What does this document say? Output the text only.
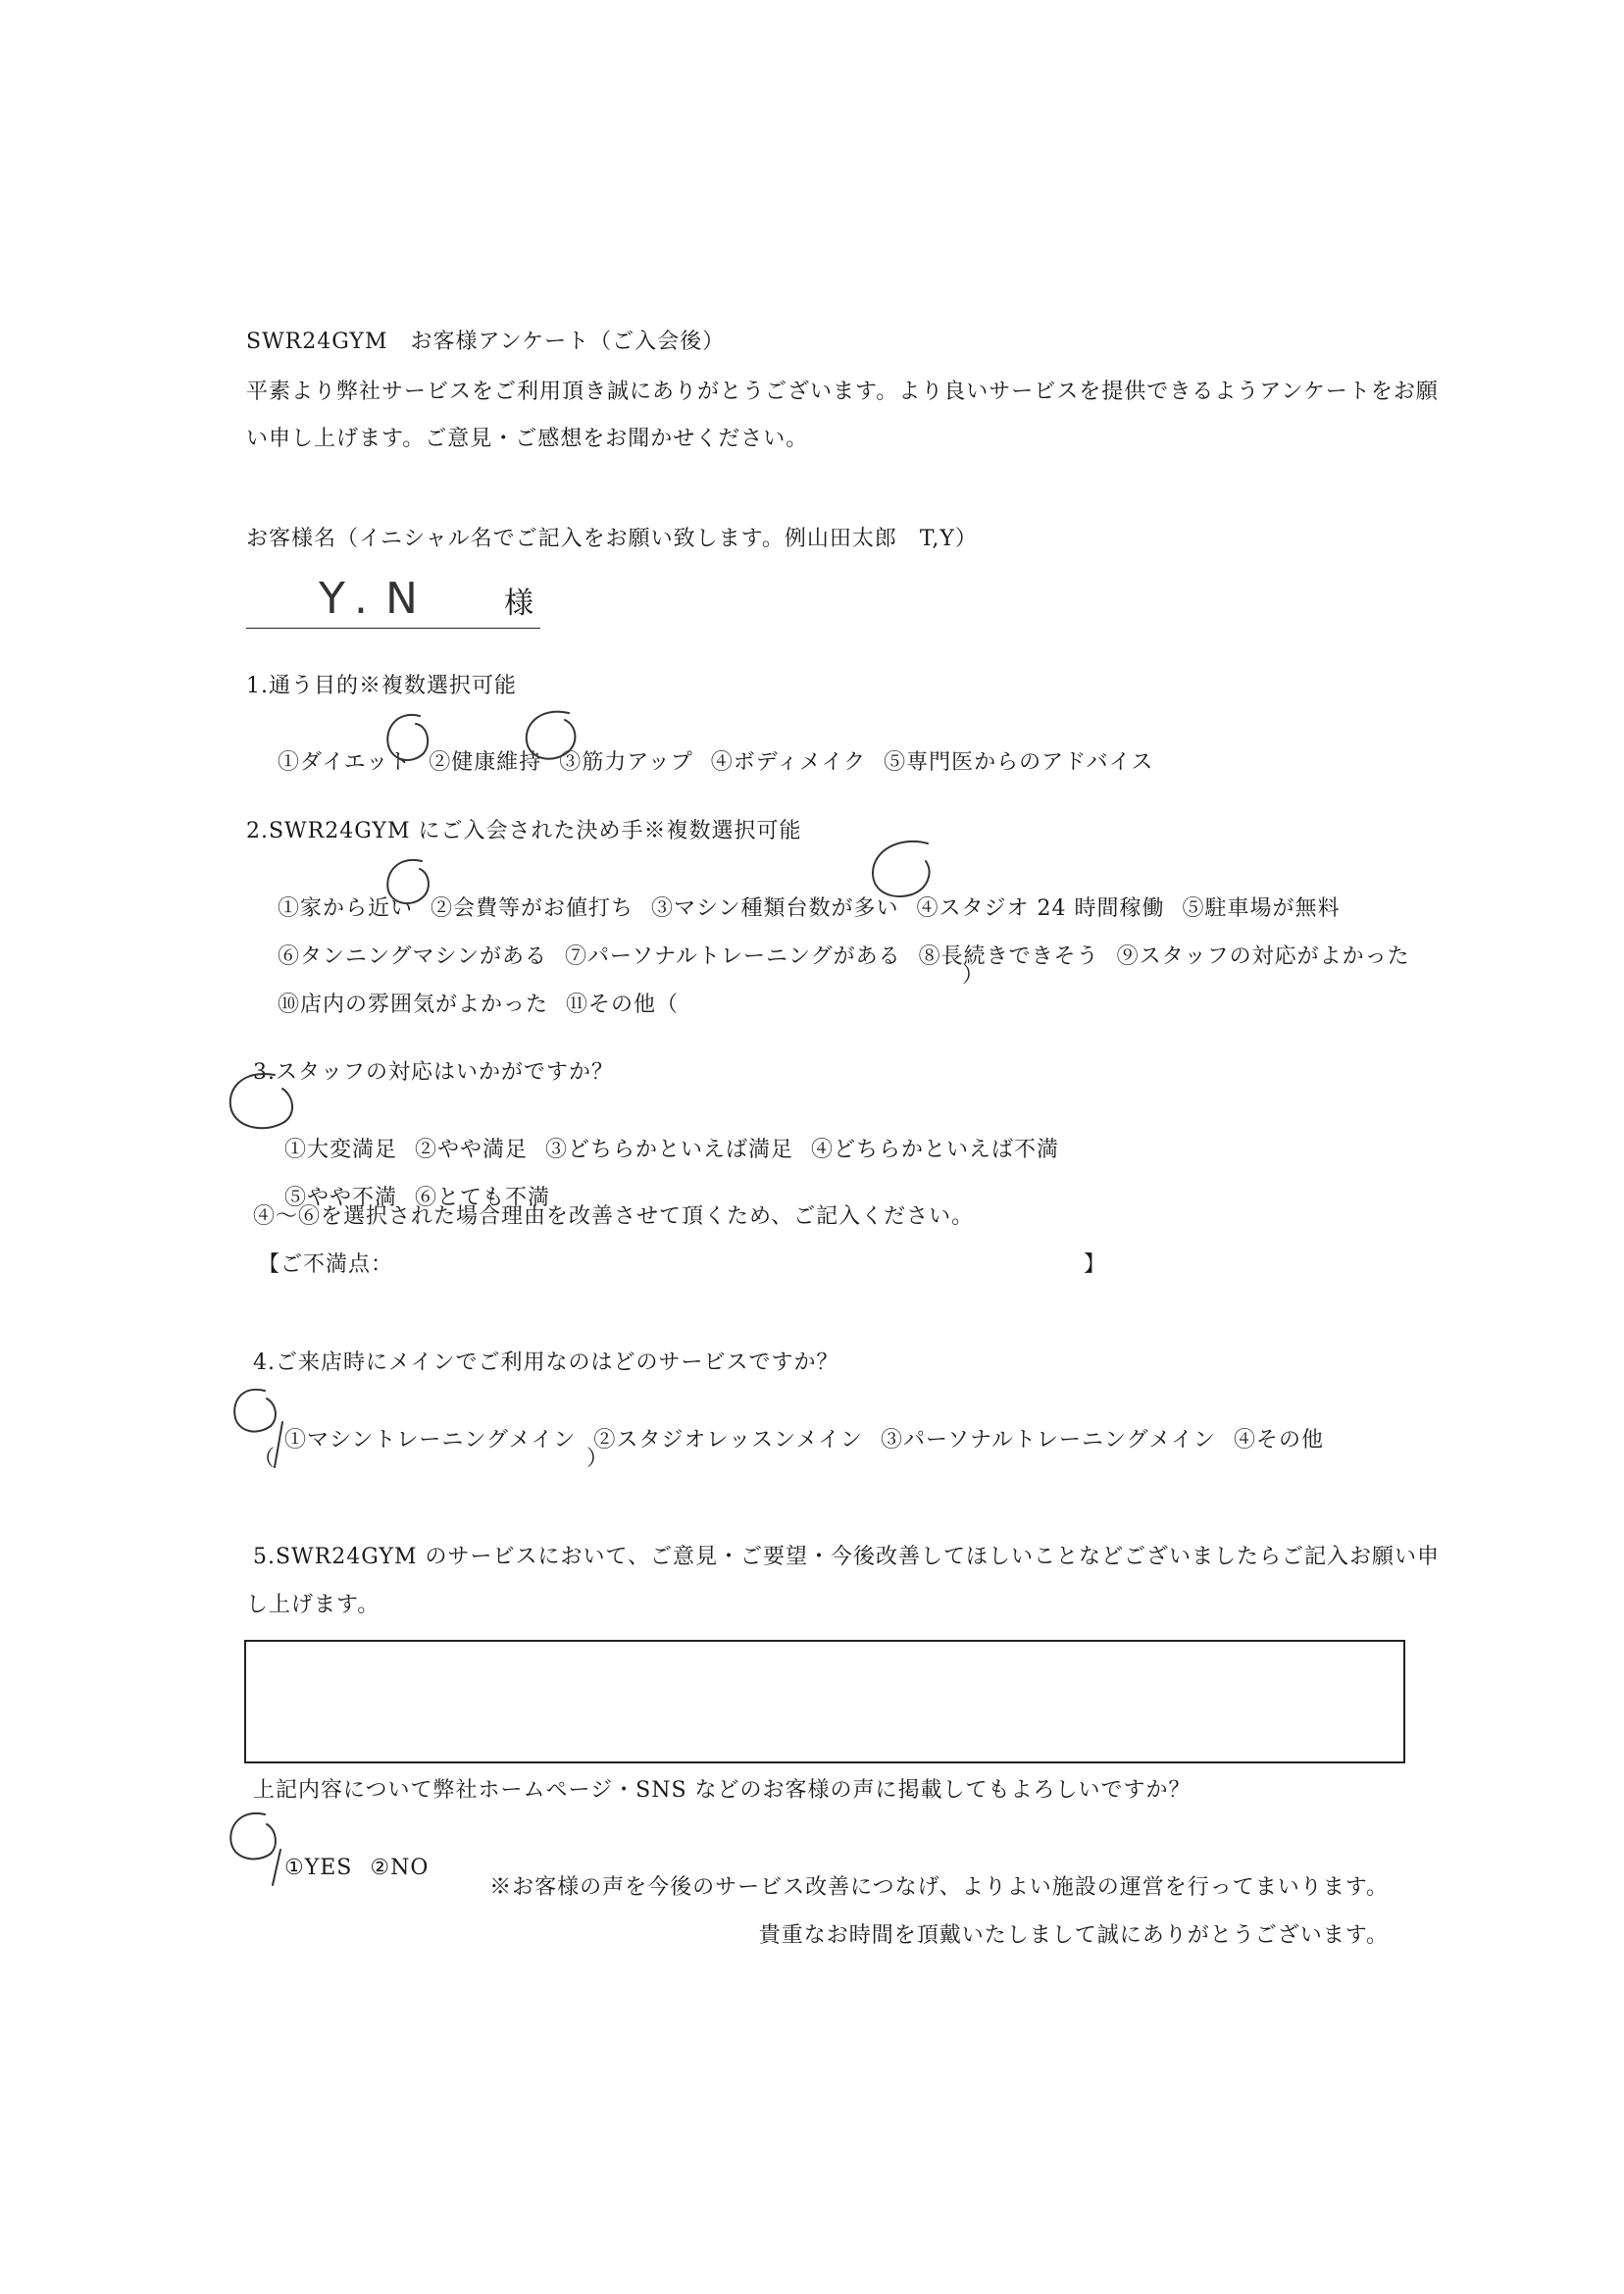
SWR24GYM　お客様アンケート（ご入会後）
平素より弊社サービスをご利用頂き誠にありがとうございます。より良いサービスを提供できるようアンケートをお願
い申し上げます。ご意見・ご感想をお聞かせください。
お客様名（イニシャル名でご記入をお願い致します。例山田太郎　T,Y）
Y.N 様
1.通う目的※複数選択可能

①ダイエット ②健康維持 ③筋力アップ ④ボディメイク ⑤専門医からのアドバイス

2.SWR24GYM にご入会された決め手※複数選択可能

①家から近い ②会費等がお値打ち ③マシン種類台数が多い ④スタジオ 24 時間稼働 ⑤駐車場が無料

⑥タンニングマシンがある ⑦パーソナルトレーニングがある ⑧長続きできそう ⑨スタッフの対応がよかった

⑩店内の雰囲気がよかった ⑪その他（

）
3.スタッフの対応はいかがですか？

①大変満足 ②やや満足 ③どちらかといえば満足 ④どちらかといえば不満

⑤やや不満 ⑥とても不満

④～⑥を選択された場合理由を改善させて頂くため、ご記入ください。
【ご不満点：	】
4.ご来店時にメインでご利用なのはどのサービスですか？

①マシントレーニングメイン ②スタジオレッスンメイン ③パーソナルトレーニングメイン ④その他

（	）
5.SWR24GYM のサービスにおいて、ご意見・ご要望・今後改善してほしいことなどございましたらご記入お願い申
し上げます。
上記内容について弊社ホームページ・SNS などのお客様の声に掲載してもよろしいですか？

①YES ②NO

※お客様の声を今後のサービス改善につなげ、よりよい施設の運営を行ってまいります。
貴重なお時間を頂戴いたしまして誠にありがとうございます。
